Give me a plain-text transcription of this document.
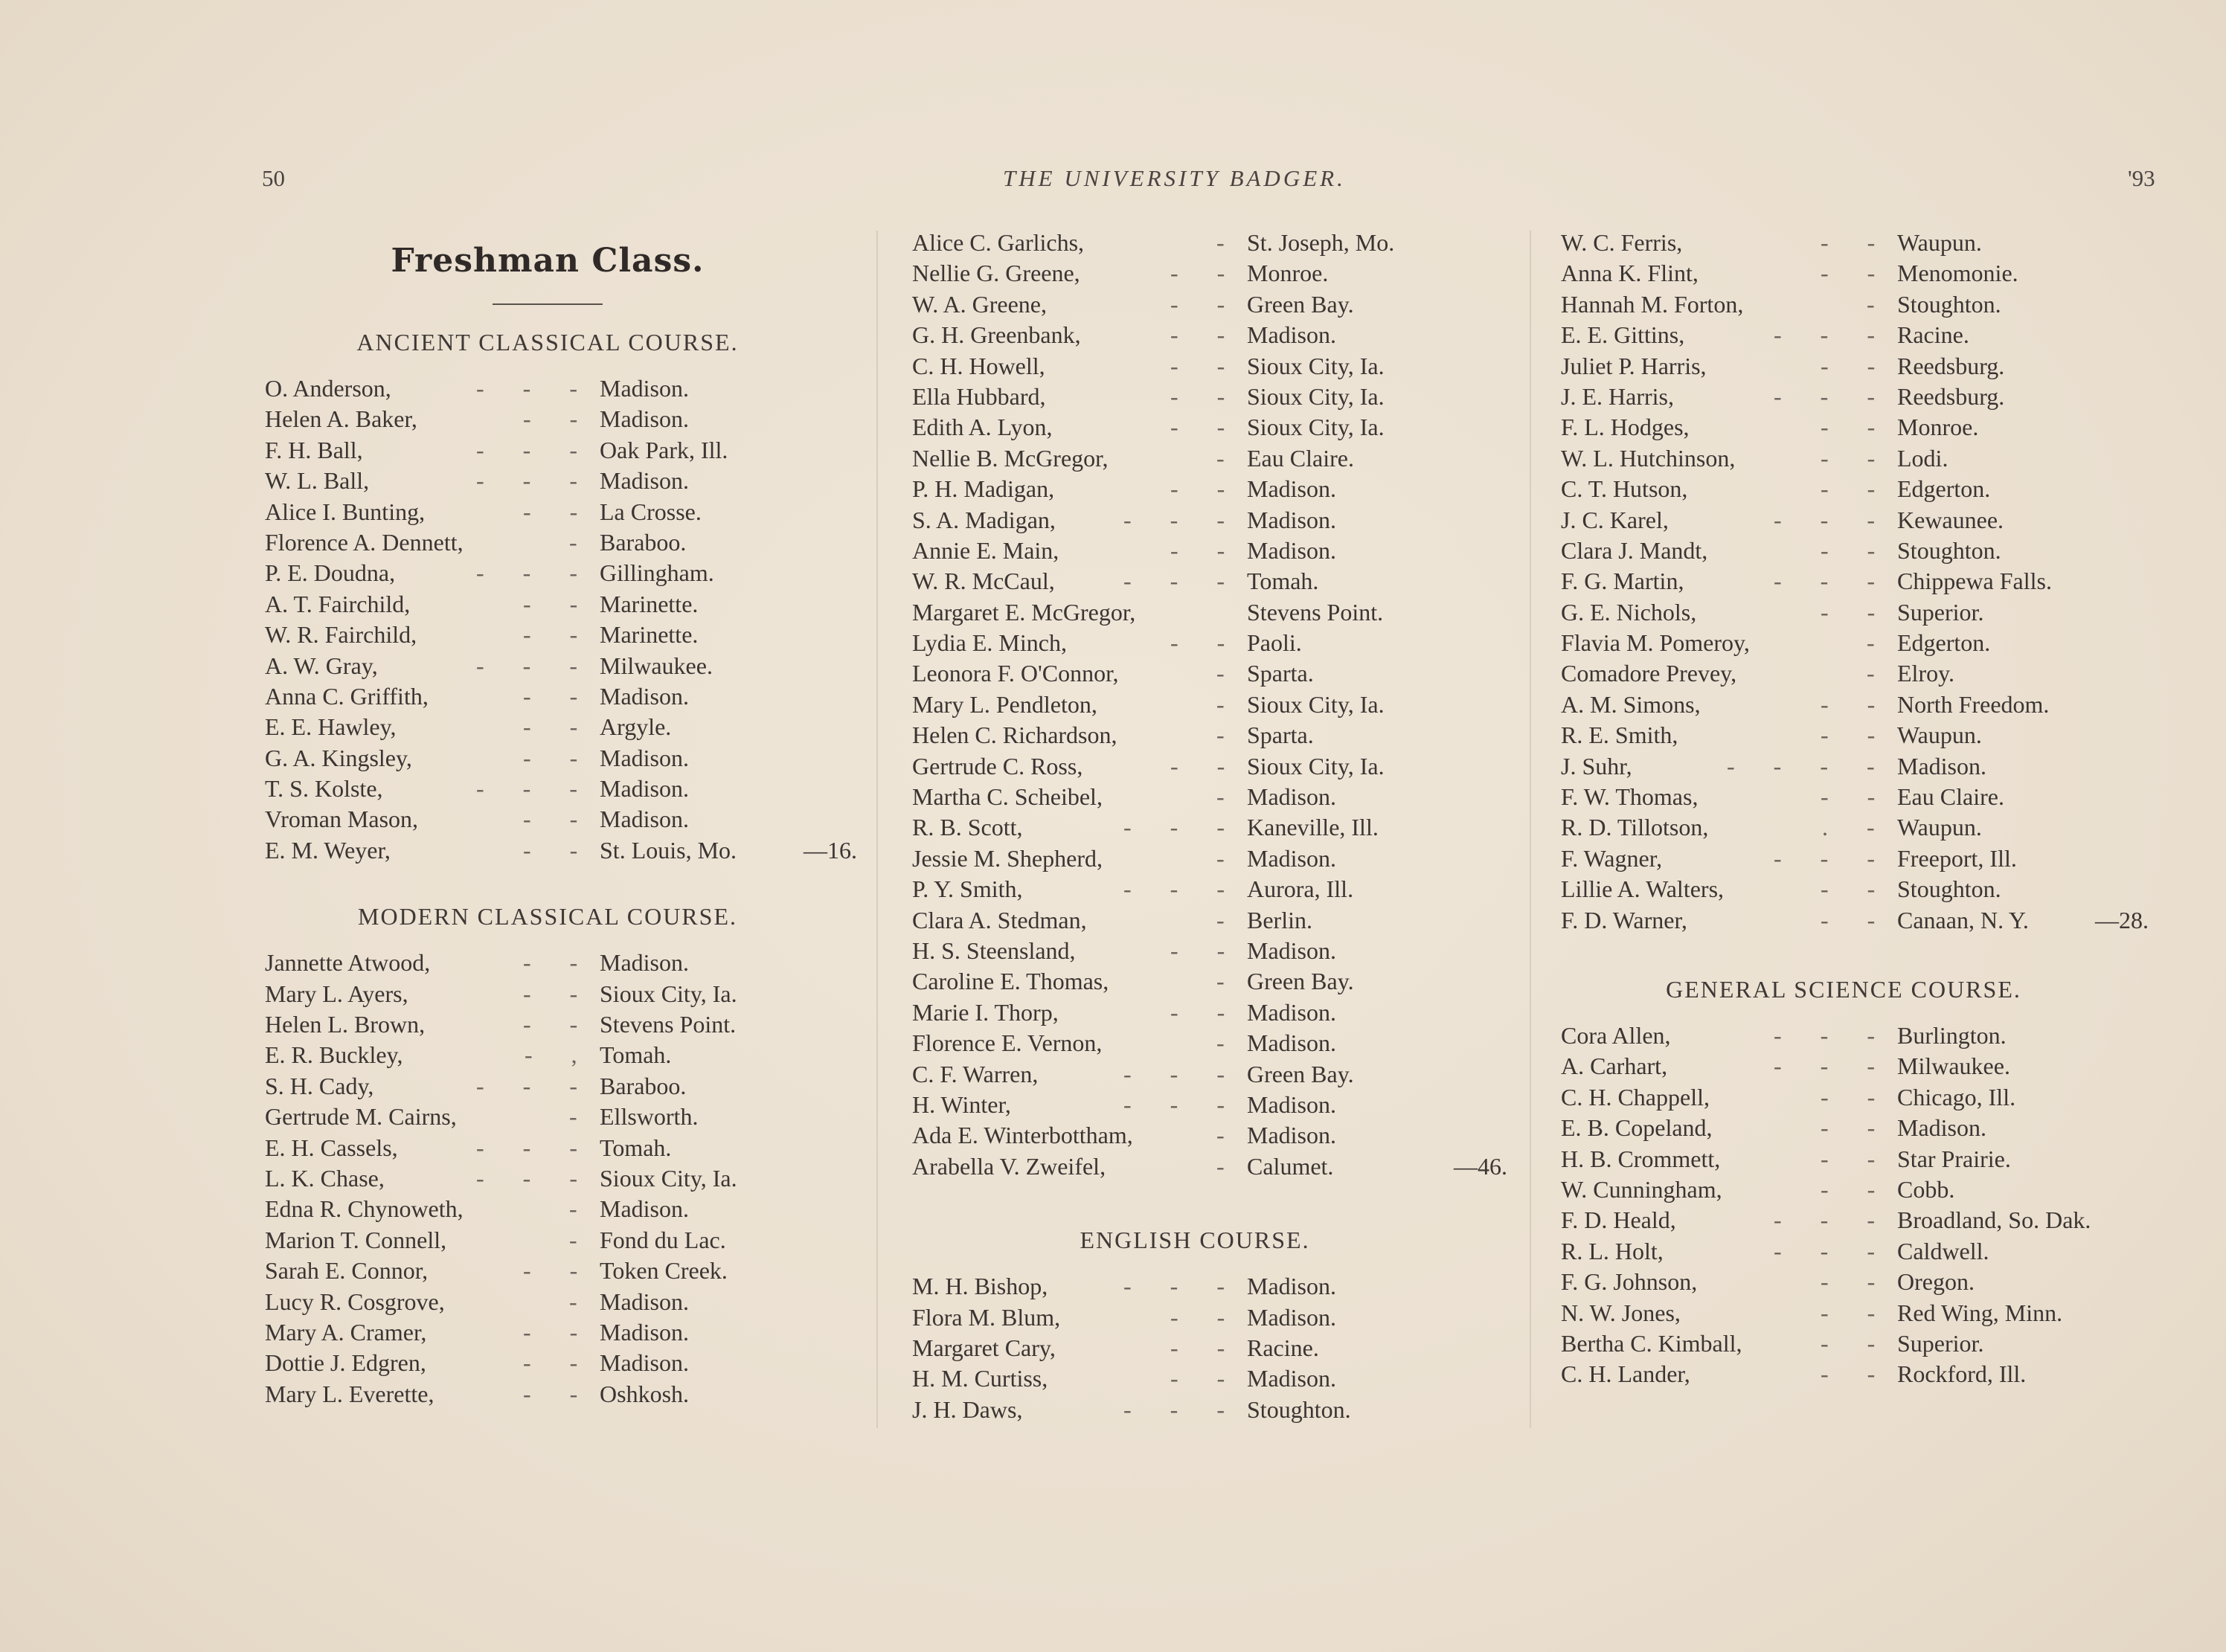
50	THE UNIVERSITY BADGER.	'93
Freshman Class.
ANCIENT CLASSICAL COURSE.
O. Anderson,	- - - Madison.
Helen A. Baker,	- - Madison.
F. H. Ball,	- - - Oak Park, Ill.
W. L. Ball,	- - - Madison.
Alice I. Bunting,	- - La Crosse.
Florence A. Dennett,	- Baraboo.
P. E. Doudna,	- - - Gillingham.
A. T. Fairchild,	- - Marinette.
W. R. Fairchild,	- - Marinette.
A. W. Gray,	- - - Milwaukee.
Anna C. Griffith,	- - Madison.
E. E. Hawley,	- - Argyle.
G. A. Kingsley,	- - Madison.
T. S. Kolste,	- - - Madison.
Vroman Mason,	- - Madison.
E. M. Weyer,	- - St. Louis, Mo.	—16.
MODERN CLASSICAL COURSE.
Jannette Atwood,	- - Madison.
Mary L. Ayers,	- - Sioux City, Ia.
Helen L. Brown,	- - Stevens Point.
E. R. Buckley,	- , Tomah.
S. H. Cady,	- - - Baraboo.
Gertrude M. Cairns,	- Ellsworth.
E. H. Cassels,	- - - Tomah.
L. K. Chase,	- - - Sioux City, Ia.
Edna R. Chynoweth,	- Madison.
Marion T. Connell,	- Fond du Lac.
Sarah E. Connor,	- - Token Creek.
Lucy R. Cosgrove,	- Madison.
Mary A. Cramer,	- - Madison.
Dottie J. Edgren,	- - Madison.
Mary L. Everette,	- - Oshkosh.
Alice C. Garlichs,	- St. Joseph, Mo.
Nellie G. Greene,	- - Monroe.
W. A. Greene,	- - Green Bay.
G. H. Greenbank,	- - Madison.
C. H. Howell,	- - Sioux City, Ia.
Ella Hubbard,	- - Sioux City, Ia.
Edith A. Lyon,	- - Sioux City, Ia.
Nellie B. McGregor,	- Eau Claire.
P. H. Madigan,	- - Madison.
S. A. Madigan,	- - - Madison.
Annie E. Main,	- - Madison.
W. R. McCaul,	- - - Tomah.
Margaret E. McGregor,	Stevens Point.
Lydia E. Minch,	- - Paoli.
Leonora F. O'Connor,	- Sparta.
Mary L. Pendleton,	- Sioux City, Ia.
Helen C. Richardson,	- Sparta.
Gertrude C. Ross,	- - Sioux City, Ia.
Martha C. Scheibel,	- Madison.
R. B. Scott,	- - - Kaneville, Ill.
Jessie M. Shepherd,	- Madison.
P. Y. Smith,	- - - Aurora, Ill.
Clara A. Stedman,	- Berlin.
H. S. Steensland,	- - Madison.
Caroline E. Thomas,	- Green Bay.
Marie I. Thorp,	- - Madison.
Florence E. Vernon,	- Madison.
C. F. Warren,	- - - Green Bay.
H. Winter,	- - - Madison.
Ada E. Winterbottham,	- Madison.
Arabella V. Zweifel,	- Calumet.	—46.
ENGLISH COURSE.
M. H. Bishop,	- - - Madison.
Flora M. Blum,	- - Madison.
Margaret Cary,	- - Racine.
H. M. Curtiss,	- - Madison.
J. H. Daws,	- - - Stoughton.
W. C. Ferris,	- - Waupun.
Anna K. Flint,	- - Menomonie.
Hannah M. Forton,	- Stoughton.
E. E. Gittins,	- - - Racine.
Juliet P. Harris,	- - Reedsburg.
J. E. Harris,	- - - Reedsburg.
F. L. Hodges,	- - Monroe.
W. L. Hutchinson,	- - Lodi.
C. T. Hutson,	- - Edgerton.
J. C. Karel,	- - - Kewaunee.
Clara J. Mandt,	- - Stoughton.
F. G. Martin,	- - - Chippewa Falls.
G. E. Nichols,	- - Superior.
Flavia M. Pomeroy,	- Edgerton.
Comadore Prevey,	- Elroy.
A. M. Simons,	- - North Freedom.
R. E. Smith,	- - Waupun.
J. Suhr,	- - - - Madison.
F. W. Thomas,	- - Eau Claire.
R. D. Tillotson,	. - Waupun.
F. Wagner,	- - - Freeport, Ill.
Lillie A. Walters,	- - Stoughton.
F. D. Warner,	- - Canaan, N. Y.	—28.
GENERAL SCIENCE COURSE.
Cora Allen,	- - - Burlington.
A. Carhart,	- - - Milwaukee.
C. H. Chappell,	- - Chicago, Ill.
E. B. Copeland,	- - Madison.
H. B. Crommett,	- - Star Prairie.
W. Cunningham,	- - Cobb.
F. D. Heald,	- - - Broadland, So. Dak.
R. L. Holt,	- - - Caldwell.
F. G. Johnson,	- - Oregon.
N. W. Jones,	- - Red Wing, Minn.
Bertha C. Kimball,	- - Superior.
C. H. Lander,	- - Rockford, Ill.
